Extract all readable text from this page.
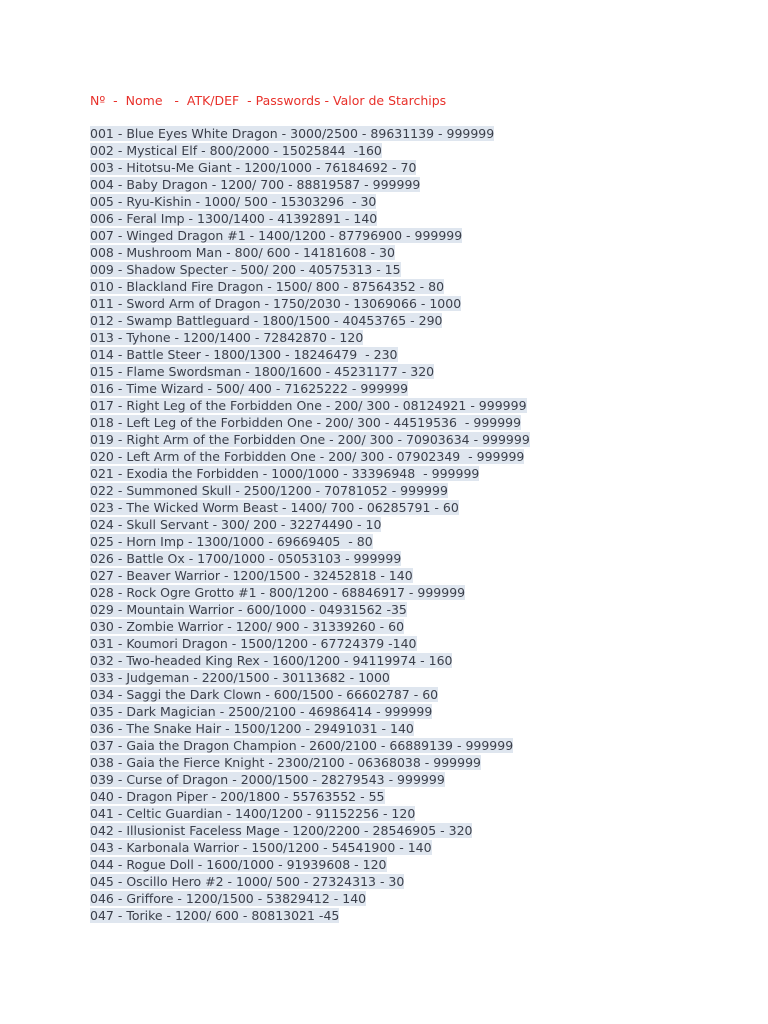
Nº  -  Nome   -  ATK/DEF  - Passwords - Valor de Starchips
001 - Blue Eyes White Dragon - 3000/2500 - 89631139 - 999999
002 - Mystical Elf - 800/2000 - 15025844  -160
003 - Hitotsu-Me Giant - 1200/1000 - 76184692 - 70
004 - Baby Dragon - 1200/ 700 - 88819587 - 999999
005 - Ryu-Kishin - 1000/ 500 - 15303296  - 30
006 - Feral Imp - 1300/1400 - 41392891 - 140
007 - Winged Dragon #1 - 1400/1200 - 87796900 - 999999
008 - Mushroom Man - 800/ 600 - 14181608 - 30
009 - Shadow Specter - 500/ 200 - 40575313 - 15
010 - Blackland Fire Dragon - 1500/ 800 - 87564352 - 80
011 - Sword Arm of Dragon - 1750/2030 - 13069066 - 1000
012 - Swamp Battleguard - 1800/1500 - 40453765 - 290
013 - Tyhone - 1200/1400 - 72842870 - 120
014 - Battle Steer - 1800/1300 - 18246479  - 230
015 - Flame Swordsman - 1800/1600 - 45231177 - 320
016 - Time Wizard - 500/ 400 - 71625222 - 999999
017 - Right Leg of the Forbidden One - 200/ 300 - 08124921 - 999999
018 - Left Leg of the Forbidden One - 200/ 300 - 44519536  - 999999
019 - Right Arm of the Forbidden One - 200/ 300 - 70903634 - 999999
020 - Left Arm of the Forbidden One - 200/ 300 - 07902349  - 999999
021 - Exodia the Forbidden - 1000/1000 - 33396948  - 999999
022 - Summoned Skull - 2500/1200 - 70781052 - 999999
023 - The Wicked Worm Beast - 1400/ 700 - 06285791 - 60
024 - Skull Servant - 300/ 200 - 32274490 - 10
025 - Horn Imp - 1300/1000 - 69669405  - 80
026 - Battle Ox - 1700/1000 - 05053103 - 999999
027 - Beaver Warrior - 1200/1500 - 32452818 - 140
028 - Rock Ogre Grotto #1 - 800/1200 - 68846917 - 999999
029 - Mountain Warrior - 600/1000 - 04931562 -35
030 - Zombie Warrior - 1200/ 900 - 31339260 - 60
031 - Koumori Dragon - 1500/1200 - 67724379 -140
032 - Two-headed King Rex - 1600/1200 - 94119974 - 160
033 - Judgeman - 2200/1500 - 30113682 - 1000
034 - Saggi the Dark Clown - 600/1500 - 66602787 - 60
035 - Dark Magician - 2500/2100 - 46986414 - 999999
036 - The Snake Hair - 1500/1200 - 29491031 - 140
037 - Gaia the Dragon Champion - 2600/2100 - 66889139 - 999999
038 - Gaia the Fierce Knight - 2300/2100 - 06368038 - 999999
039 - Curse of Dragon - 2000/1500 - 28279543 - 999999
040 - Dragon Piper - 200/1800 - 55763552 - 55
041 - Celtic Guardian - 1400/1200 - 91152256 - 120
042 - Illusionist Faceless Mage - 1200/2200 - 28546905 - 320
043 - Karbonala Warrior - 1500/1200 - 54541900 - 140
044 - Rogue Doll - 1600/1000 - 91939608 - 120
045 - Oscillo Hero #2 - 1000/ 500 - 27324313 - 30
046 - Griffore - 1200/1500 - 53829412 - 140
047 - Torike - 1200/ 600 - 80813021 -45
